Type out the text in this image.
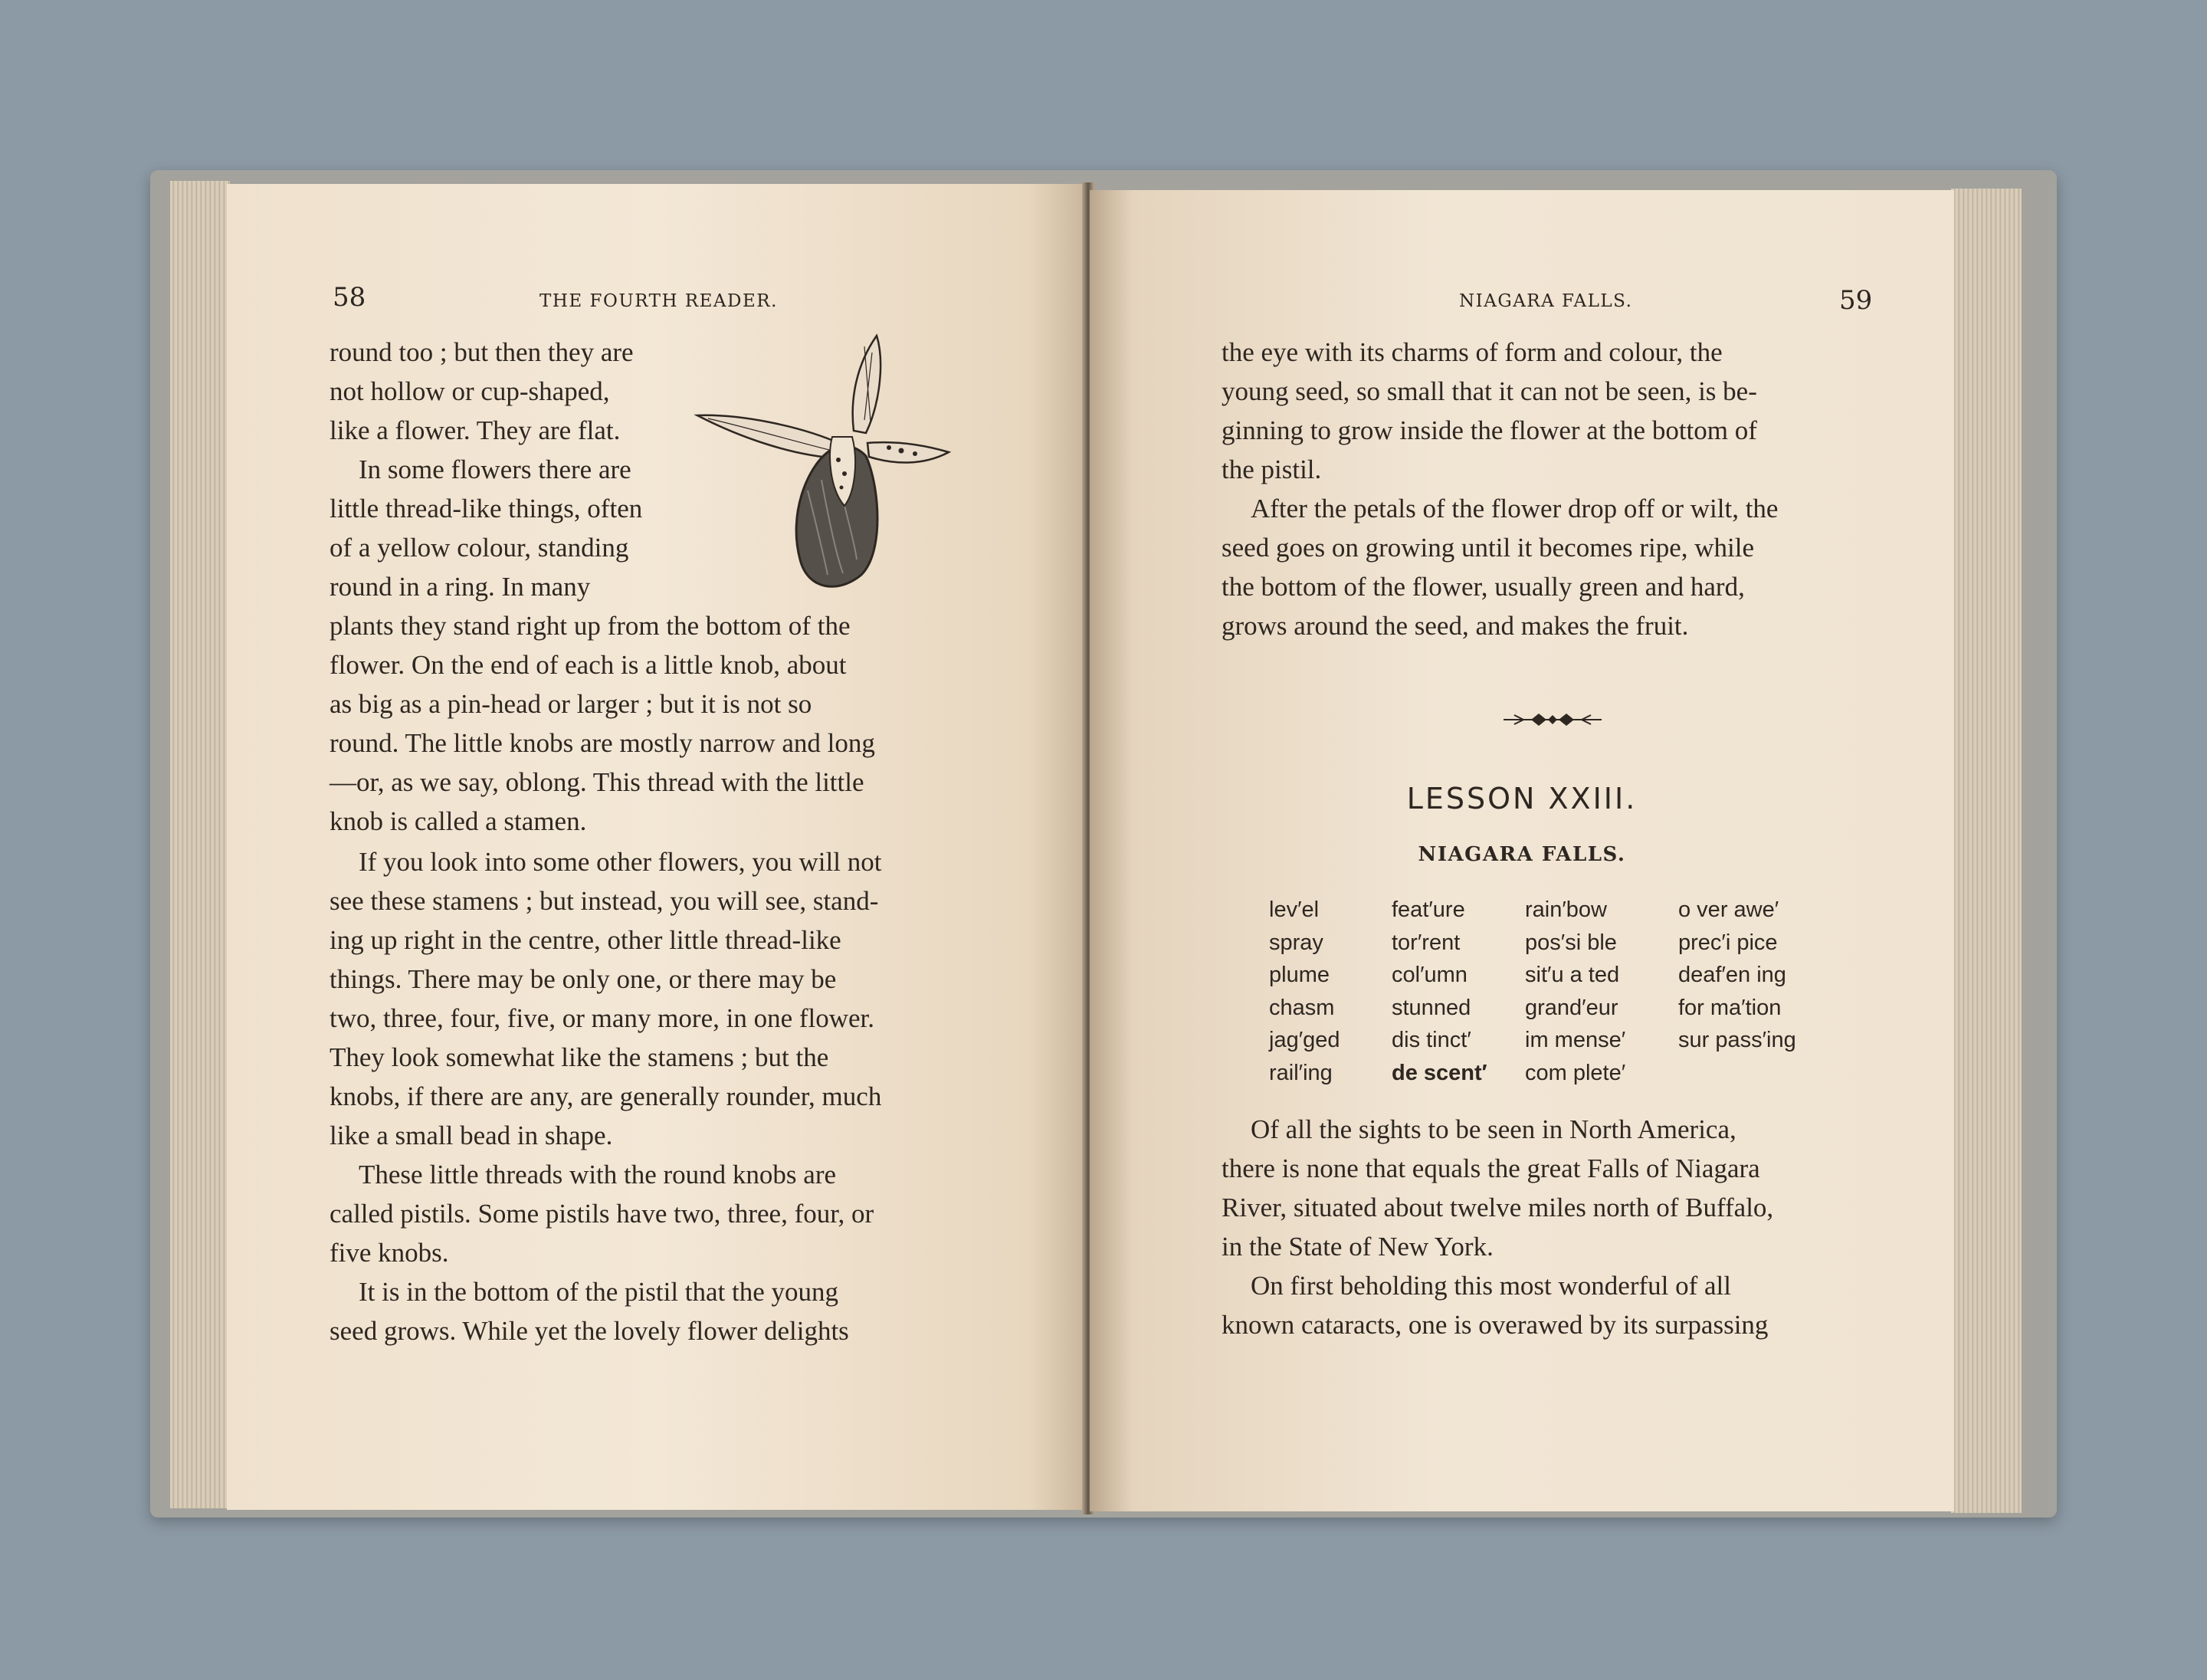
58	THE FOURTH READER.

round too ; but then they are
not hollow or cup-shaped,
like a flower. They are flat.

In some flowers there are

little thread-like things, often
of a yellow colour, standing
round in a ring. In many
plants they stand right up from the bottom of the
flower. On the end of each is a little knob, about
as big as a pin-head or larger ; but it is not so
round. The little knobs are mostly narrow and long
—or, as we say, oblong. This thread with the little
knob is called a stamen.

If you look into some other flowers, you will not
see these stamens ; but instead, you will see, stand-
ing up right in the centre, other little thread-like
things. There may be only one, or there may be
two, three, four, five, or many more, in one flower.
They look somewhat like the stamens ; but the
knobs, if there are any, are generally rounder, much
like a small bead in shape.

These little threads with the round knobs are
called pistils. Some pistils have two, three, four, or
five knobs.

It is in the bottom of the pistil that the young
seed grows. While yet the lovely flower delights

NIAGARA FALLS.	59

the eye with its charms of form and colour, the
young seed, so small that it can not be seen, is be-
ginning to grow inside the flower at the bottom of
the pistil.

After the petals of the flower drop off or wilt, the
seed goes on growing until it becomes ripe, while
the bottom of the flower, usually green and hard,
grows around the seed, and makes the fruit.

LESSON XXIII.
NIAGARA FALLS.
lev′el
spray
plume
chasm
jag′ged
rail′ing
feat′ure
tor′rent
col′umn
stunned
dis tinct′
de scent′
rain′bow
pos′si ble
sit′u a ted
grand′eur
im mense′
com plete′
o ver awe′
prec′i pice
deaf′en ing
for ma′tion
sur pass′ing

Of all the sights to be seen in North America,
there is none that equals the great Falls of Niagara
River, situated about twelve miles north of Buffalo,
in the State of New York.

On first beholding this most wonderful of all
known cataracts, one is overawed by its surpassing
